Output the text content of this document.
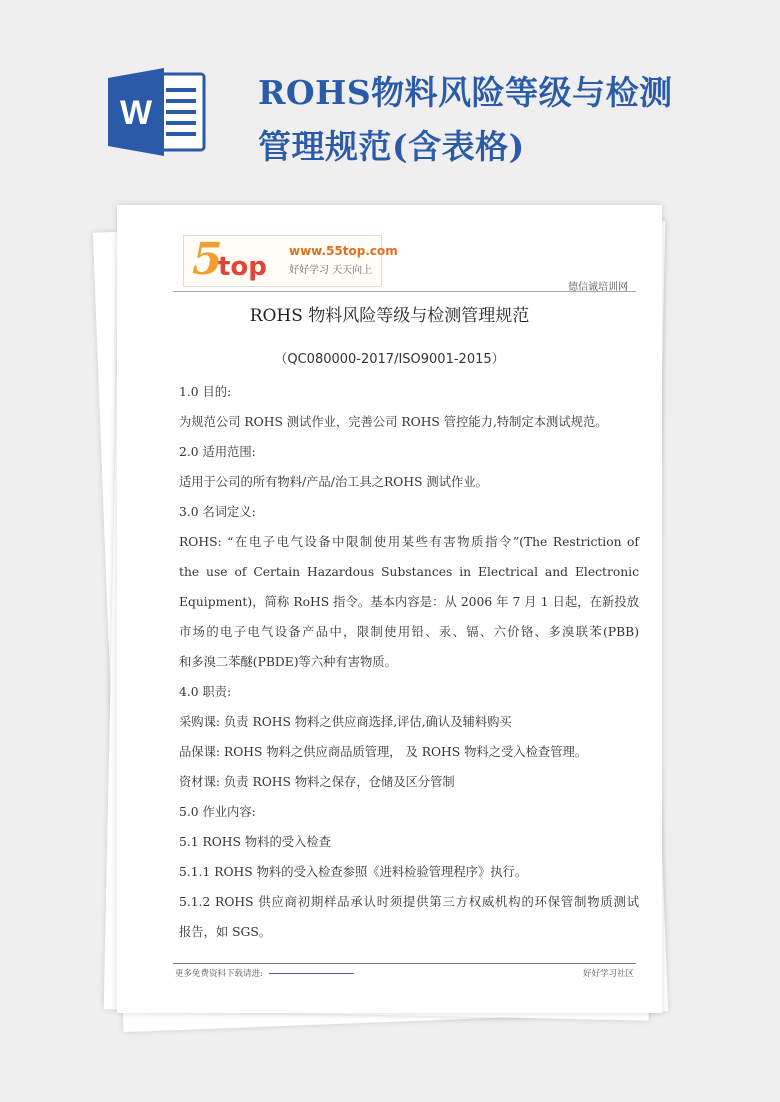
W
ROHS物料风险等级与检测管理规范(含表格)
5
top
www.55top.com
好好学习 天天向上
德信诚培训网
ROHS 物料风险等级与检测管理规范
（QC080000-2017/ISO9001-2015）

1.0 目的:

为规范公司 ROHS 测试作业，完善公司 ROHS 管控能力,特制定本测试规范。

2.0 适用范围:

适用于公司的所有物料/产品/治工具之ROHS 测试作业。

3.0 名词定义:

ROHS: “在电子电气设备中限制使用某些有害物质指令”(The Restriction of

the use of Certain Hazardous Substances in Electrical and Electronic

Equipment)，简称 RoHS 指令。基本内容是：从 2006 年 7 月 1 日起，在新投放

市场的电子电气设备产品中，限制使用铅、汞、镉、六价铬、多溴联苯(PBB)

和多溴二苯醚(PBDE)等六种有害物质。

4.0 职责:

采购课: 负责 ROHS 物料之供应商选择,评估,确认及辅料购买

品保课: ROHS 物料之供应商品质管理， 及 ROHS 物料之受入检查管理。

资材课: 负责 ROHS 物料之保存，仓储及区分管制

5.0 作业内容:

5.1 ROHS 物料的受入检查

5.1.1 ROHS 物料的受入检查参照《进料检验管理程序》执行。

5.1.2 ROHS 供应商初期样品承认时须提供第三方权威机构的环保管制物质测试

报告，如 SGS。

更多免费资料下载请进:	好好学习社区
